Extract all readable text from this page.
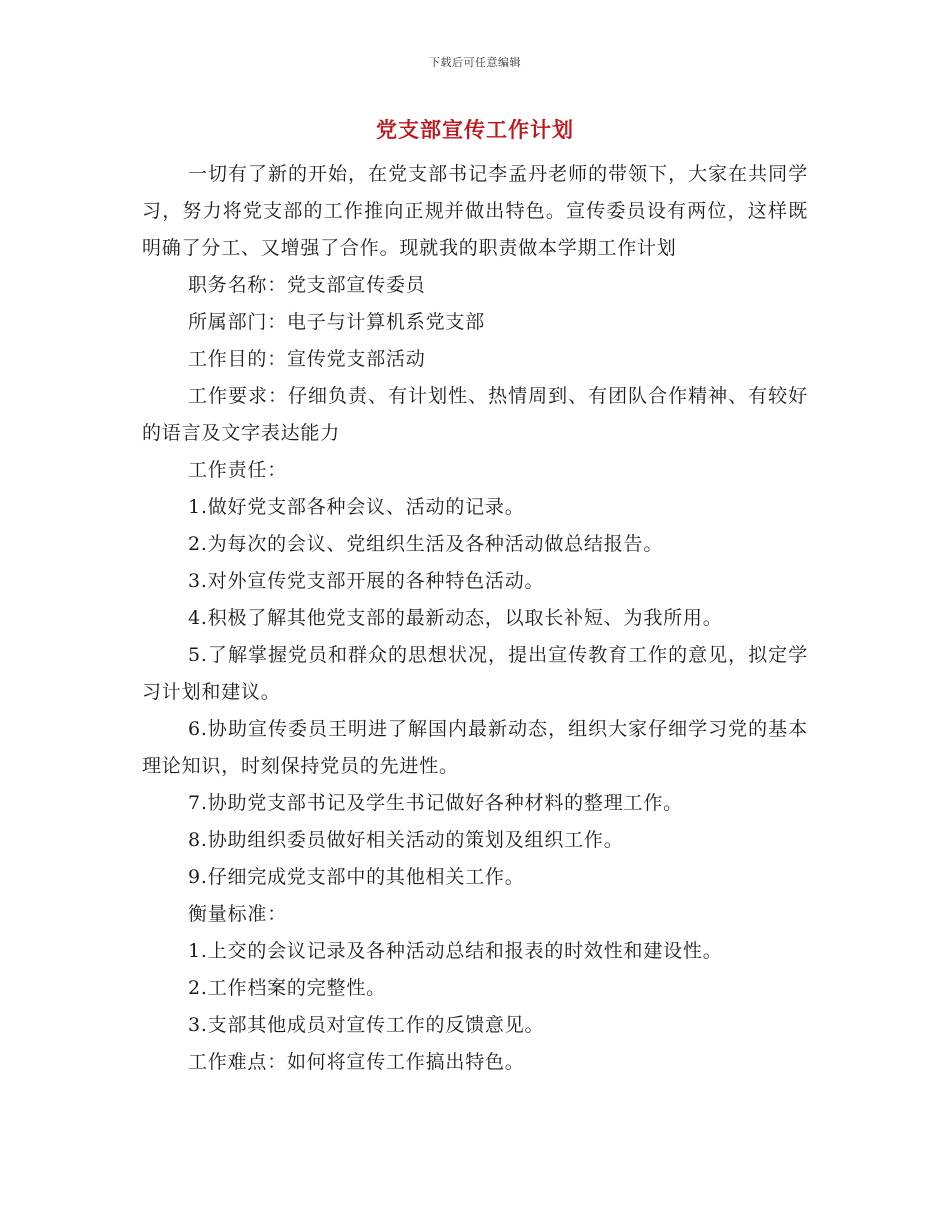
下载后可任意编辑
党支部宣传工作计划

一切有了新的开始，在党支部书记李孟丹老师的带领下，大家在共同学习，努力将党支部的工作推向正规并做出特色。宣传委员设有两位，这样既明确了分工、又增强了合作。现就我的职责做本学期工作计划

职务名称：党支部宣传委员

所属部门：电子与计算机系党支部

工作目的：宣传党支部活动

工作要求：仔细负责、有计划性、热情周到、有团队合作精神、有较好的语言及文字表达能力

工作责任：

1.做好党支部各种会议、活动的记录。

2.为每次的会议、党组织生活及各种活动做总结报告。

3.对外宣传党支部开展的各种特色活动。

4.积极了解其他党支部的最新动态，以取长补短、为我所用。

5.了解掌握党员和群众的思想状况，提出宣传教育工作的意见，拟定学习计划和建议。

6.协助宣传委员王明进了解国内最新动态，组织大家仔细学习党的基本理论知识，时刻保持党员的先进性。

7.协助党支部书记及学生书记做好各种材料的整理工作。

8.协助组织委员做好相关活动的策划及组织工作。

9.仔细完成党支部中的其他相关工作。

衡量标准：

1.上交的会议记录及各种活动总结和报表的时效性和建设性。

2.工作档案的完整性。

3.支部其他成员对宣传工作的反馈意见。

工作难点：如何将宣传工作搞出特色。
